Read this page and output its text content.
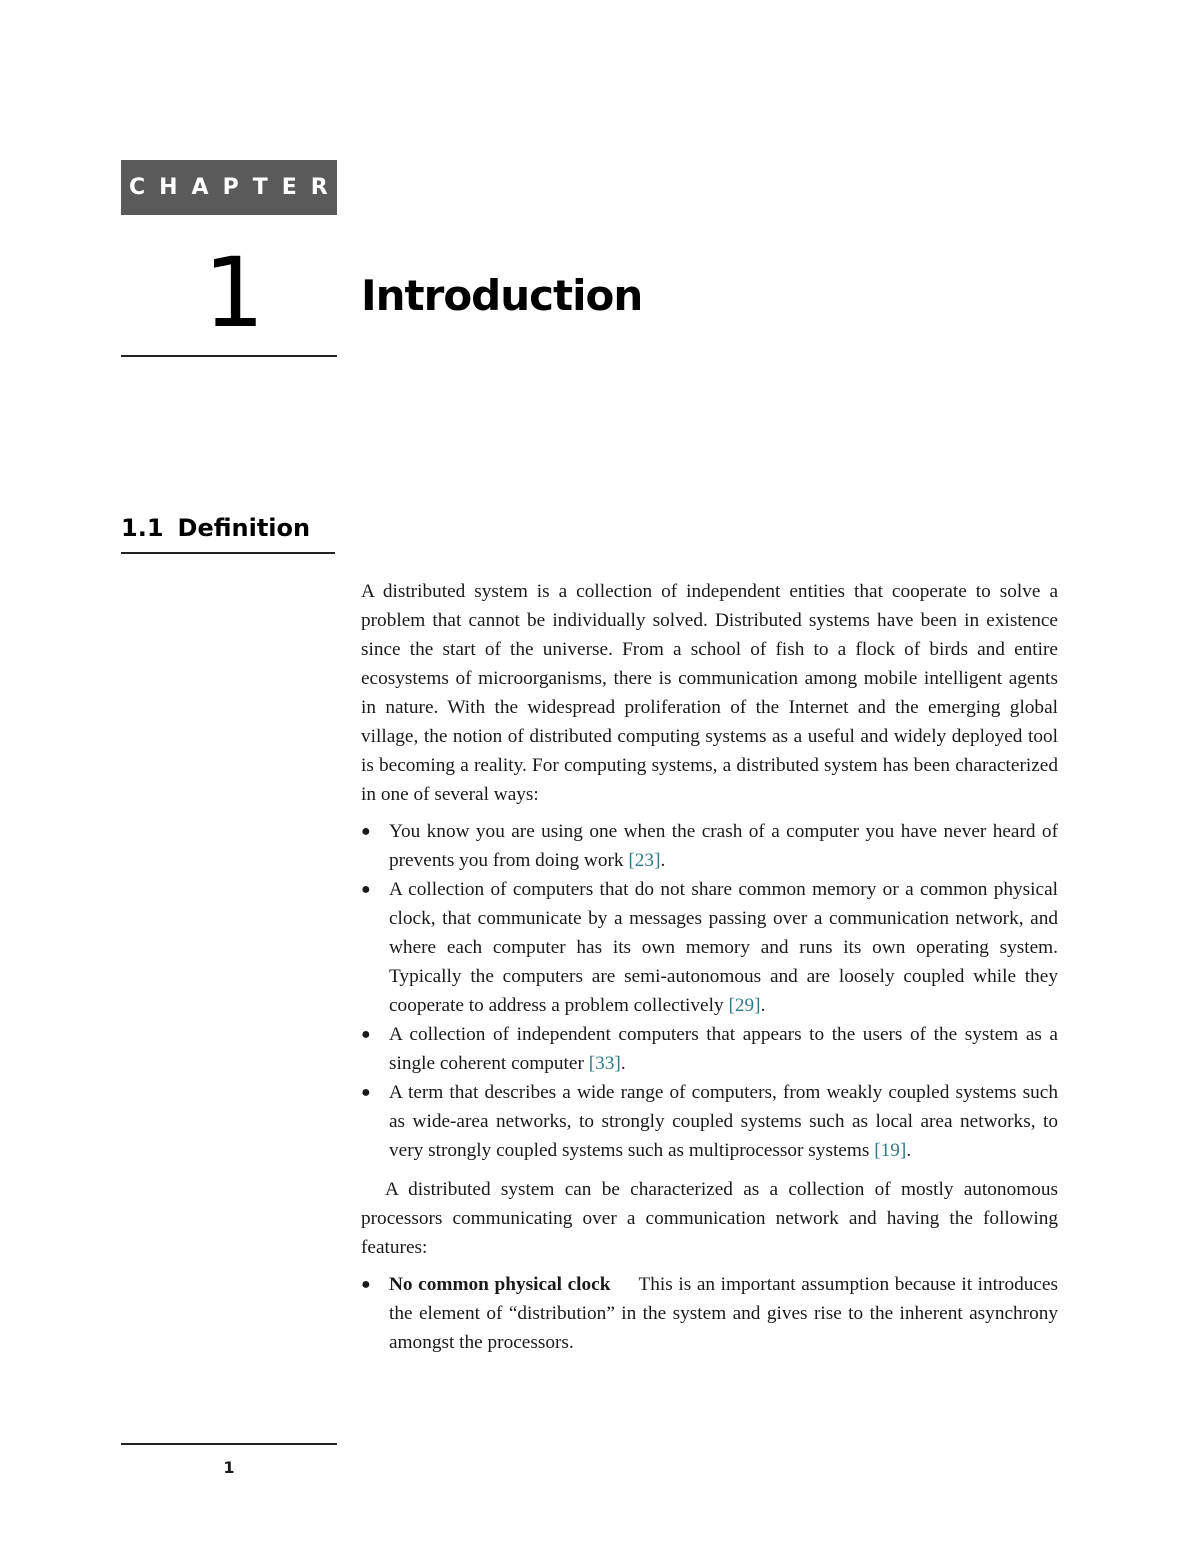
CHAPTER
1	Introduction
1.1 Definition

A distributed system is a collection of independent entities that cooperate to solve a problem that cannot be individually solved. Distributed systems have been in existence since the start of the universe. From a school of fish to a flock of birds and entire ecosystems of microorganisms, there is communication among mobile intelligent agents in nature. With the widespread proliferation of the Internet and the emerging global village, the notion of distributed computing systems as a useful and widely deployed tool is becoming a reality. For computing systems, a distributed system has been characterized in one of several ways:

● You know you are using one when the crash of a computer you have never heard of prevents you from doing work [23].
● A collection of computers that do not share common memory or a common physical clock, that communicate by a messages passing over a communication network, and where each computer has its own memory and runs its own operating system. Typically the computers are semi-autonomous and are loosely coupled while they cooperate to address a problem collectively [29].
● A collection of independent computers that appears to the users of the system as a single coherent computer [33].
● A term that describes a wide range of computers, from weakly coupled systems such as wide-area networks, to strongly coupled systems such as local area networks, to very strongly coupled systems such as multiprocessor systems [19].

A distributed system can be characterized as a collection of mostly autonomous processors communicating over a communication network and having the following features:

● No common physical clock This is an important assumption because it introduces the element of “distribution” in the system and gives rise to the inherent asynchrony amongst the processors.
1
